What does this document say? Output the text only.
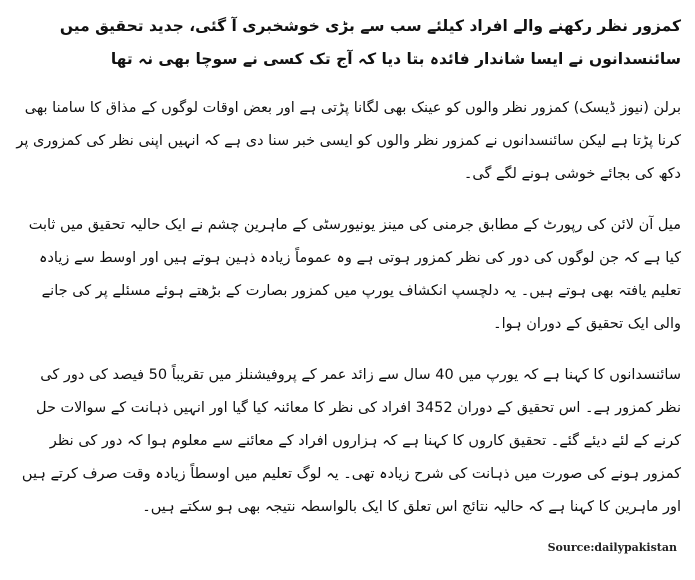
کمزور نظر رکھنے والے افراد کیلئے سب سے بڑی خوشخبری آ گئی، جدید تحقیق میں سائنسدانوں نے ایسا شاندار فائدہ بتا دیا کہ آج تک کسی نے سوچا بھی نہ تھا

برلن (نیوز ڈیسک) کمزور نظر والوں کو عینک بھی لگانا پڑتی ہے اور بعض اوقات لوگوں کے مذاق کا سامنا بھی کرنا پڑتا ہے لیکن سائنسدانوں نے کمزور نظر والوں کو ایسی خبر سنا دی ہے کہ انہیں اپنی نظر کی کمزوری پر دکھ کی بجائے خوشی ہونے لگے گی۔

میل آن لائن کی رپورٹ کے مطابق جرمنی کی مینز یونیورسٹی کے ماہرین چشم نے ایک حالیہ تحقیق میں ثابت کیا ہے کہ جن لوگوں کی دور کی نظر کمزور ہوتی ہے وہ عموماً زیادہ ذہین ہوتے ہیں اور اوسط سے زیادہ تعلیم یافتہ بھی ہوتے ہیں۔ یہ دلچسپ انکشاف یورپ میں کمزور بصارت کے بڑھتے ہوئے مسئلے پر کی جانے والی ایک تحقیق کے دوران ہوا۔

سائنسدانوں کا کہنا ہے کہ یورپ میں 40 سال سے زائد عمر کے پروفیشنلز میں تقریباً 50 فیصد کی دور کی نظر کمزور ہے۔ اس تحقیق کے دوران 3452 افراد کی نظر کا معائنہ کیا گیا اور انہیں ذہانت کے سوالات حل کرنے کے لئے دیئے گئے۔ تحقیق کاروں کا کہنا ہے کہ ہزاروں افراد کے معائنے سے معلوم ہوا کہ دور کی نظر کمزور ہونے کی صورت میں ذہانت کی شرح زیادہ تھی۔ یہ لوگ تعلیم میں اوسطاً زیادہ وقت صرف کرتے ہیں اور ماہرین کا کہنا ہے کہ حالیہ نتائج اس تعلق کا ایک بالواسطہ نتیجہ بھی ہو سکتے ہیں۔

Source:dailypakistan
